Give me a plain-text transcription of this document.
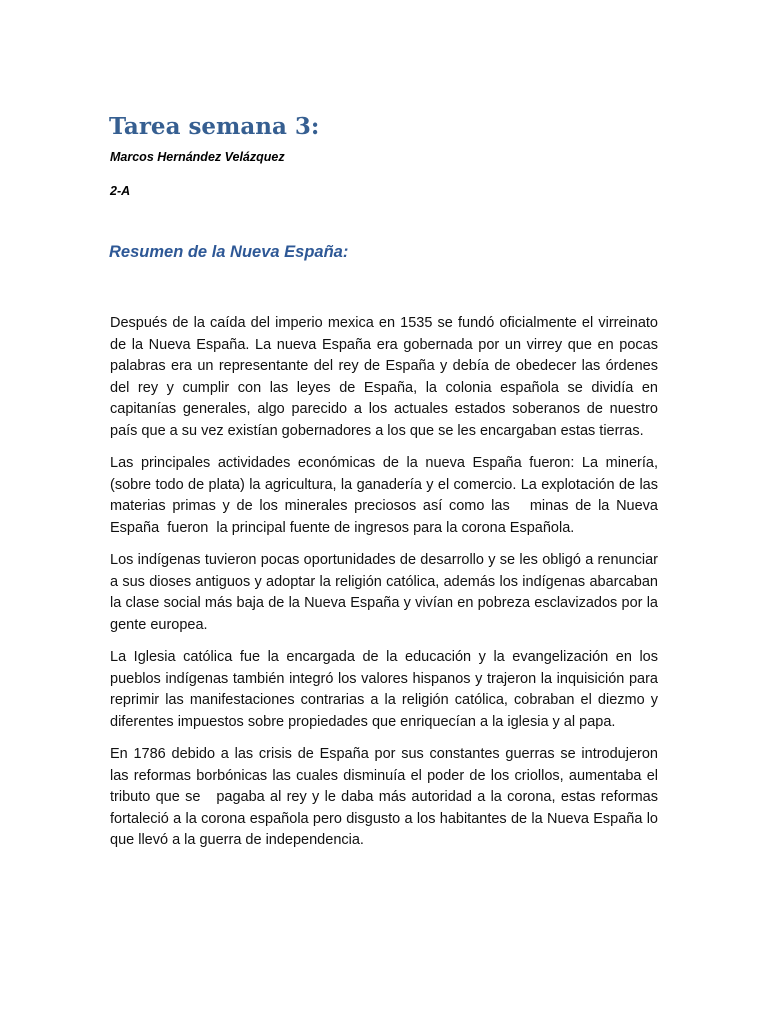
Tarea semana 3:

Marcos Hernández Velázquez

2-A

Resumen de la Nueva España:

Después de la caída del imperio mexica en 1535 se fundó oficialmente el virreinato de la Nueva España. La nueva España era gobernada por un virrey que en pocas palabras era un representante del rey de España y debía de obedecer las órdenes del rey y cumplir con las leyes de España, la colonia española se dividía en capitanías generales, algo parecido a los actuales estados soberanos de nuestro país que a su vez existían gobernadores a los que se les encargaban estas tierras.

Las principales actividades económicas de la nueva España fueron: La minería, (sobre todo de plata) la agricultura, la ganadería y el comercio. La explotación de las materias primas y de los minerales preciosos así como las   minas de la Nueva España  fueron  la principal fuente de ingresos para la corona Española.

Los indígenas tuvieron pocas oportunidades de desarrollo y se les obligó a renunciar a sus dioses antiguos y adoptar la religión católica, además los indígenas abarcaban la clase social más baja de la Nueva España y vivían en pobreza esclavizados por la gente europea.

La Iglesia católica fue la encargada de la educación y la evangelización en los pueblos indígenas también integró los valores hispanos y trajeron la inquisición para reprimir las manifestaciones contrarias a la religión católica, cobraban el diezmo y diferentes impuestos sobre propiedades que enriquecían a la iglesia y al papa.

En 1786 debido a las crisis de España por sus constantes guerras se introdujeron las reformas borbónicas las cuales disminuía el poder de los criollos, aumentaba el tributo que se   pagaba al rey y le daba más autoridad a la corona, estas reformas fortaleció a la corona española pero disgusto a los habitantes de la Nueva España lo que llevó a la guerra de independencia.
